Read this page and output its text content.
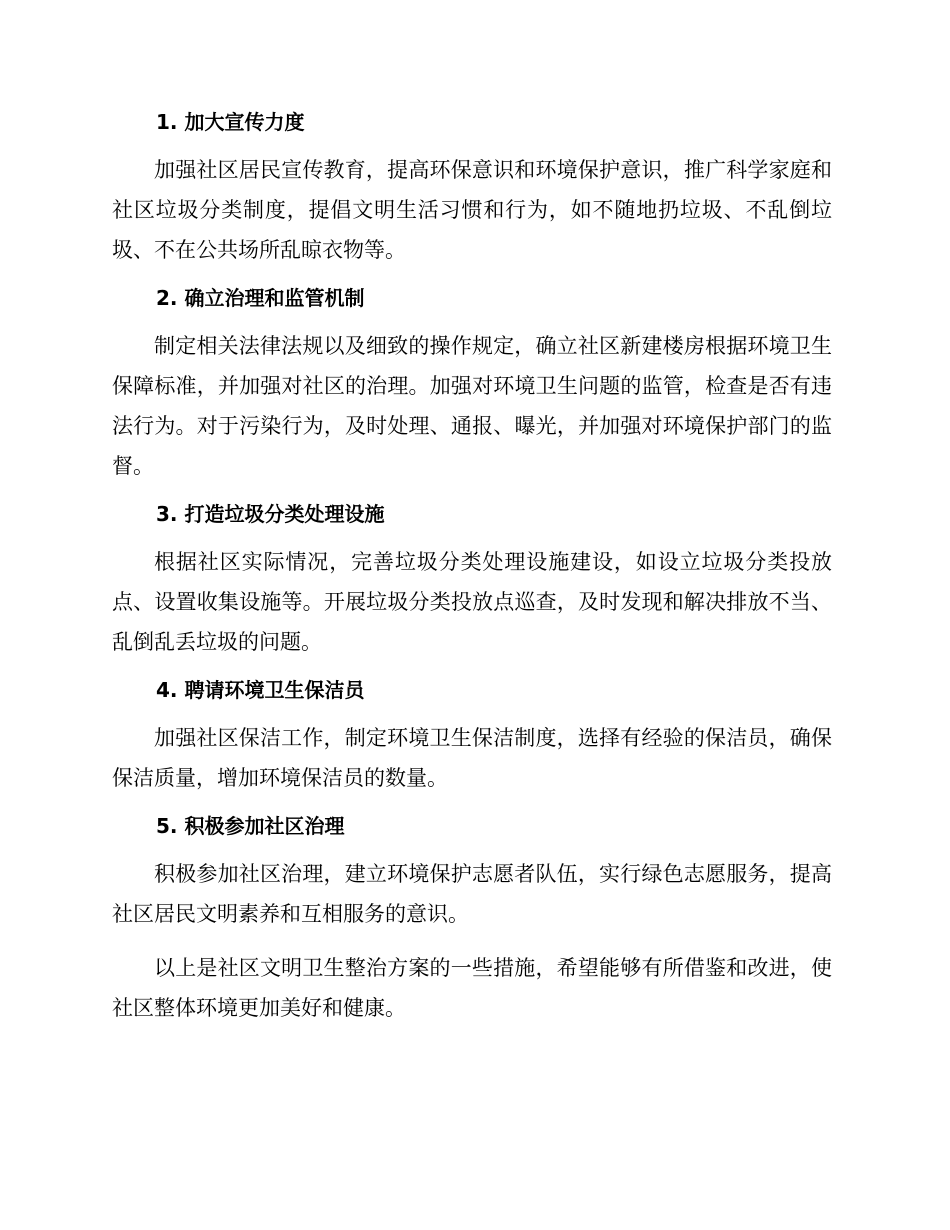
1. 加大宣传力度

加强社区居民宣传教育，提高环保意识和环境保护意识，推广科学家庭和社区垃圾分类制度，提倡文明生活习惯和行为，如不随地扔垃圾、不乱倒垃圾、不在公共场所乱晾衣物等。

2. 确立治理和监管机制

制定相关法律法规以及细致的操作规定，确立社区新建楼房根据环境卫生保障标准，并加强对社区的治理。加强对环境卫生问题的监管，检查是否有违法行为。对于污染行为，及时处理、通报、曝光，并加强对环境保护部门的监督。

3. 打造垃圾分类处理设施

根据社区实际情况，完善垃圾分类处理设施建设，如设立垃圾分类投放点、设置收集设施等。开展垃圾分类投放点巡查，及时发现和解决排放不当、乱倒乱丢垃圾的问题。

4. 聘请环境卫生保洁员

加强社区保洁工作，制定环境卫生保洁制度，选择有经验的保洁员，确保保洁质量，增加环境保洁员的数量。

5. 积极参加社区治理

积极参加社区治理，建立环境保护志愿者队伍，实行绿色志愿服务，提高社区居民文明素养和互相服务的意识。

以上是社区文明卫生整治方案的一些措施，希望能够有所借鉴和改进，使社区整体环境更加美好和健康。
